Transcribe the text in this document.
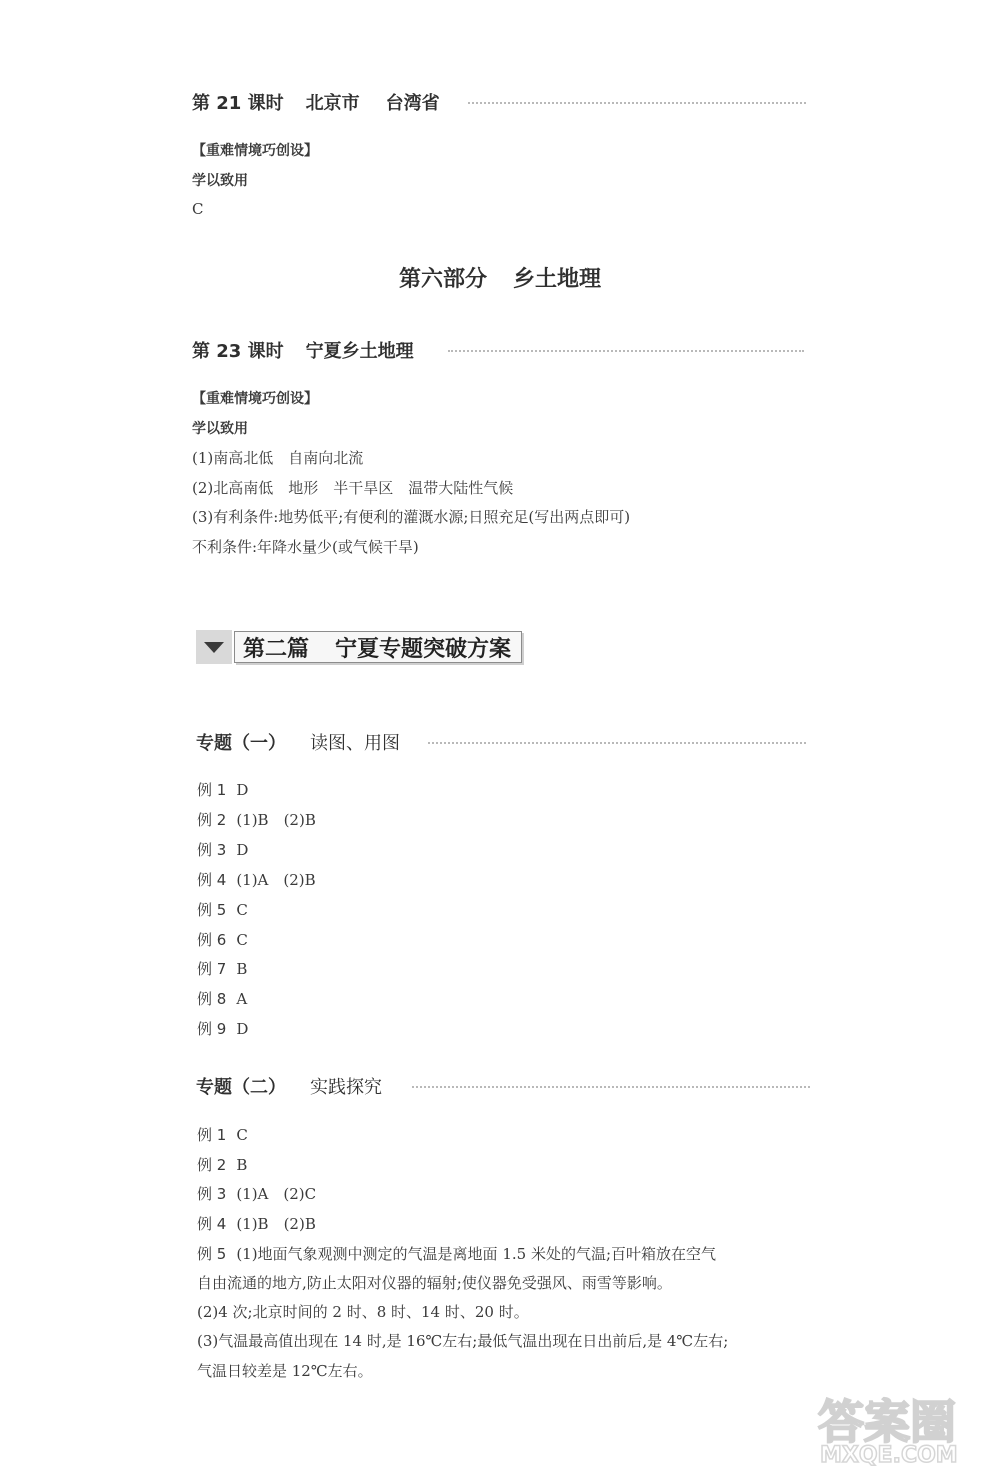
第 21 课时 北京市 台湾省
【重难情境巧创设】
学以致用
C
第六部分 乡土地理
第 23 课时 宁夏乡土地理
【重难情境巧创设】
学以致用
(1)南高北低　自南向北流
(2)北高南低　地形　半干旱区　温带大陆性气候
(3)有利条件:地势低平;有便利的灌溉水源;日照充足(写出两点即可)
不利条件:年降水量少(或气候干旱)
第二篇 宁夏专题突破方案
专题（一） 读图、用图
例 1 D
例 2 (1)B　(2)B
例 3 D
例 4 (1)A　(2)B
例 5 C
例 6 C
例 7 B
例 8 A
例 9 D
专题（二） 实践探究
例 1 C
例 2 B
例 3 (1)A　(2)C
例 4 (1)B　(2)B
例 5 (1)地面气象观测中测定的气温是离地面 1.5 米处的气温;百叶箱放在空气
自由流通的地方,防止太阳对仪器的辐射;使仪器免受强风、雨雪等影响。
(2)4 次;北京时间的 2 时、8 时、14 时、20 时。
(3)气温最高值出现在 14 时,是 16℃左右;最低气温出现在日出前后,是 4℃左右;
气温日较差是 12℃左右。
答案圈
MXQE.COM
